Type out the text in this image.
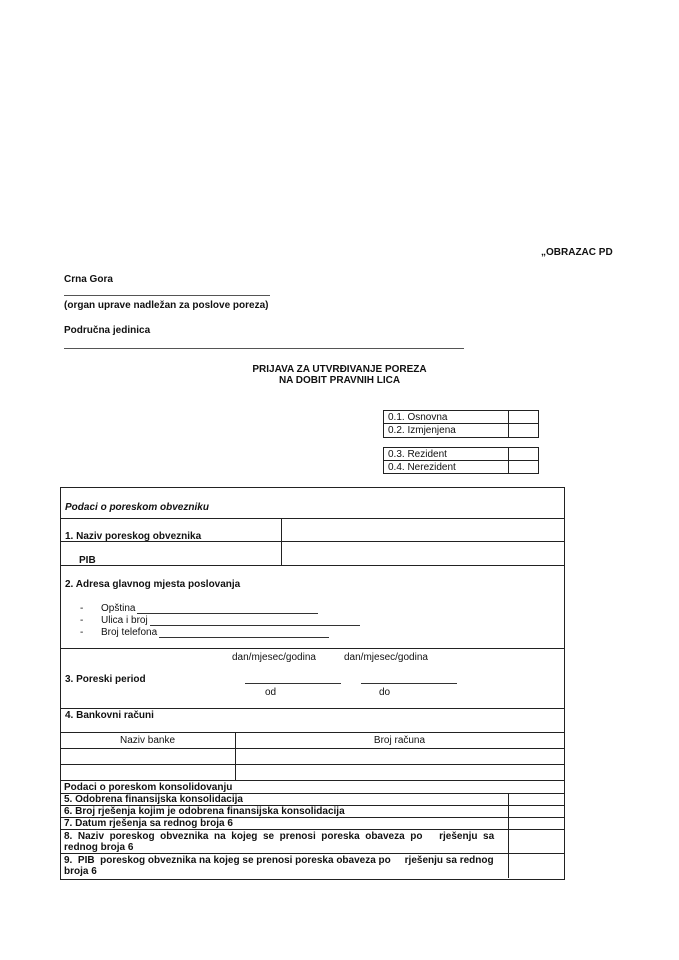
„OBRAZAC PD
Crna Gora
(organ uprave nadležan za poslove poreza)
Područna jedinica
PRIJAVA ZA UTVRĐIVANJE POREZA
NA DOBIT PRAVNIH LICA
0.1. Osnovna
0.2. Izmjenjena
0.3. Rezident
0.4. Nerezident
Podaci o poreskom obvezniku
1. Naziv poreskog obveznika
PIB
2. Adresa glavnog mjesta poslovanja
-
-
-
Opština
Ulica i broj
Broj telefona
dan/mjesec/godina	dan/mjesec/godina
3. Poreski period
od	do
4. Bankovni računi
Naziv banke	Broj računa
Podaci o poreskom konsolidovanju
5. Odobrena finansijska konsolidacija
6. Broj rješenja kojim je odobrena finansijska konsolidacija
7. Datum rješenja sa rednog broja 6
8.  Naziv  poreskog  obveznika  na  kojeg  se  prenosi  poreska  obaveza  po      rješenju  sa
rednog broja 6
9.  PIB  poreskog obveznika na kojeg se prenosi poreska obaveza po     rješenju sa rednog
broja 6
